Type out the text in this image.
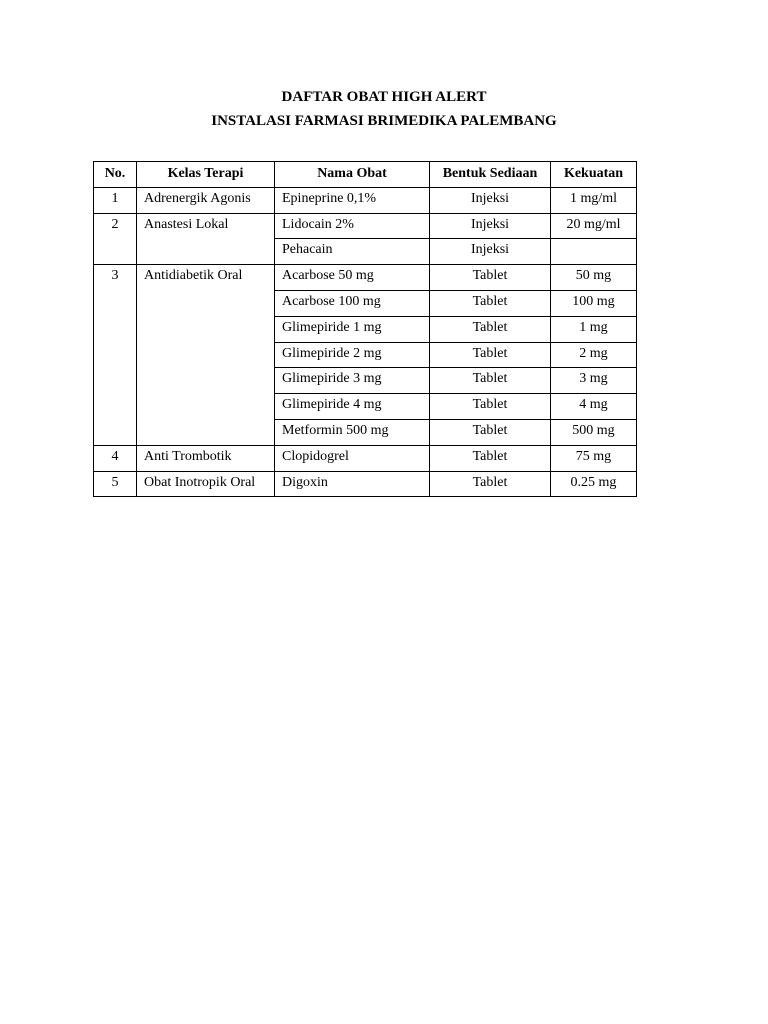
DAFTAR OBAT HIGH ALERT
INSTALASI FARMASI BRIMEDIKA PALEMBANG
No.	Kelas Terapi	Nama Obat	Bentuk Sediaan	Kekuatan
1	Adrenergik Agonis	Epineprine 0,1%	Injeksi	1 mg/ml
2	Anastesi Lokal	Lidocain 2%	Injeksi	20 mg/ml
		Pehacain	Injeksi	
3	Antidiabetik Oral	Acarbose 50 mg	Tablet	50 mg
		Acarbose 100 mg	Tablet	100 mg
		Glimepiride 1 mg	Tablet	1 mg
		Glimepiride 2 mg	Tablet	2 mg
		Glimepiride 3 mg	Tablet	3 mg
		Glimepiride 4 mg	Tablet	4 mg
		Metformin 500 mg	Tablet	500 mg
4	Anti Trombotik	Clopidogrel	Tablet	75 mg
5	Obat Inotropik Oral	Digoxin	Tablet	0.25 mg
